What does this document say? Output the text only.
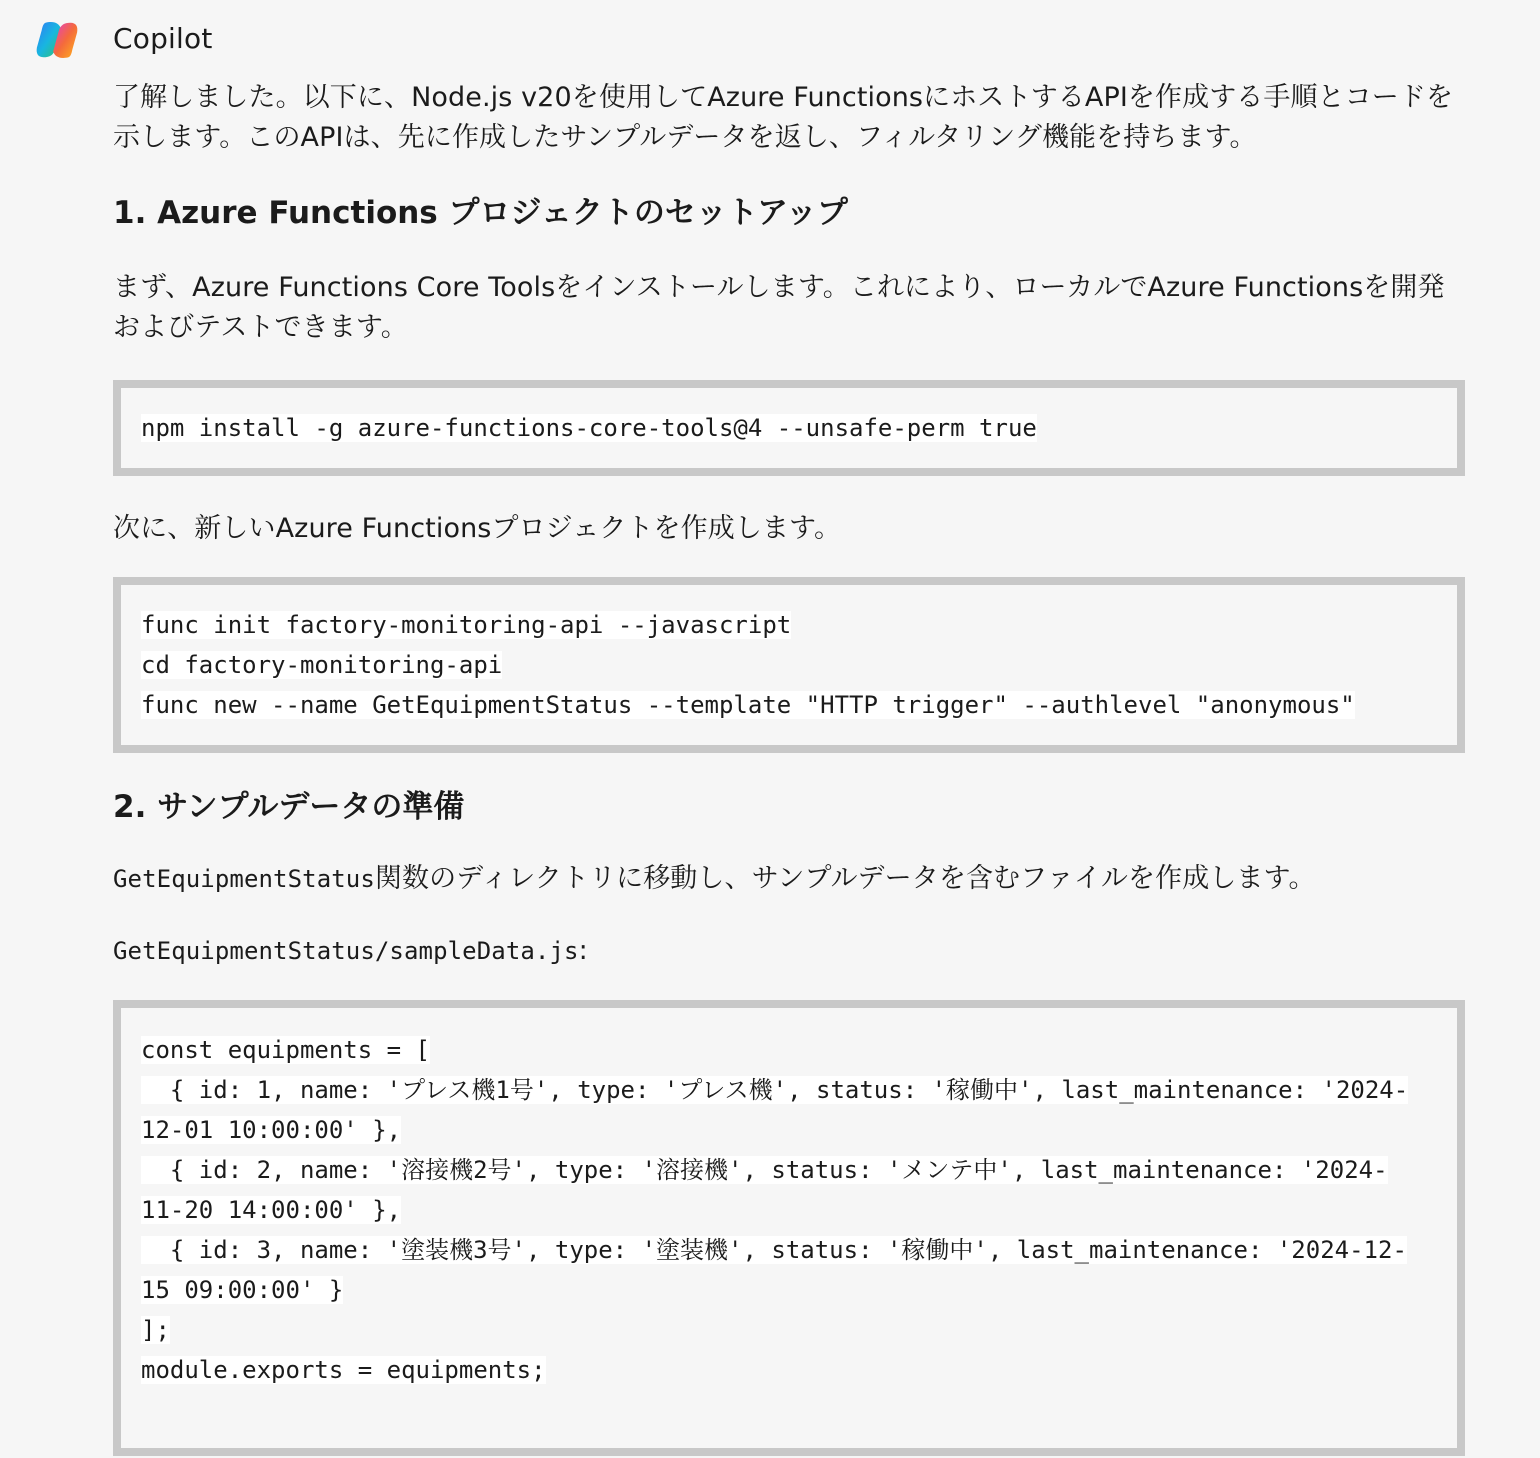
Copilot

了解しました。以下に、Node.js v20を使用してAzure FunctionsにホストするAPIを作成する手順とコードを示します。このAPIは、先に作成したサンプルデータを返し、フィルタリング機能を持ちます。

1. Azure Functions プロジェクトのセットアップ

まず、Azure Functions Core Toolsをインストールします。これにより、ローカルでAzure Functionsを開発およびテストできます。

npm install -g azure-functions-core-tools@4 --unsafe-perm true

次に、新しいAzure Functionsプロジェクトを作成します。

func init factory-monitoring-api --javascript
cd factory-monitoring-api
func new --name GetEquipmentStatus --template "HTTP trigger" --authlevel "anonymous"
2. サンプルデータの準備

GetEquipmentStatus関数のディレクトリに移動し、サンプルデータを含むファイルを作成します。

GetEquipmentStatus/sampleData.js:

const equipments = [
{ id: 1, name: 'プレス機1号', type: 'プレス機', status: '稼働中', last_maintenance: '2024-
12-01 10:00:00' },
{ id: 2, name: '溶接機2号', type: '溶接機', status: 'メンテ中', last_maintenance: '2024-
11-20 14:00:00' },
{ id: 3, name: '塗装機3号', type: '塗装機', status: '稼働中', last_maintenance: '2024-12-
15 09:00:00' }
];
module.exports = equipments;
